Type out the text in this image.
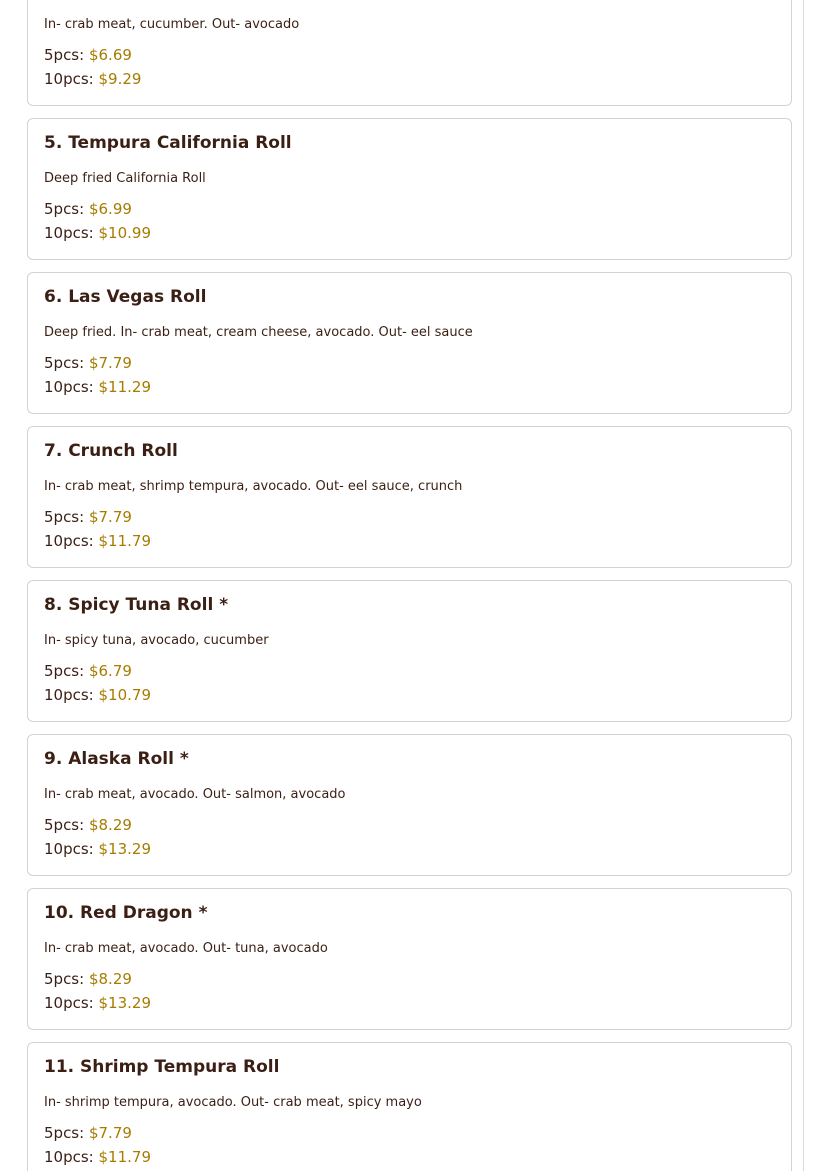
In- crab meat, cucumber. Out- avocado
5pcs: $6.69
10pcs: $9.29
5. Tempura California Roll
Deep fried California Roll
5pcs: $6.99
10pcs: $10.99
6. Las Vegas Roll
Deep fried. In- crab meat, cream cheese, avocado. Out- eel sauce
5pcs: $7.79
10pcs: $11.29
7. Crunch Roll
In- crab meat, shrimp tempura, avocado. Out- eel sauce, crunch
5pcs: $7.79
10pcs: $11.79
8. Spicy Tuna Roll *
In- spicy tuna, avocado, cucumber
5pcs: $6.79
10pcs: $10.79
9. Alaska Roll *
In- crab meat, avocado. Out- salmon, avocado
5pcs: $8.29
10pcs: $13.29
10. Red Dragon *
In- crab meat, avocado. Out- tuna, avocado
5pcs: $8.29
10pcs: $13.29
11. Shrimp Tempura Roll
In- shrimp tempura, avocado. Out- crab meat, spicy mayo
5pcs: $7.79
10pcs: $11.79
